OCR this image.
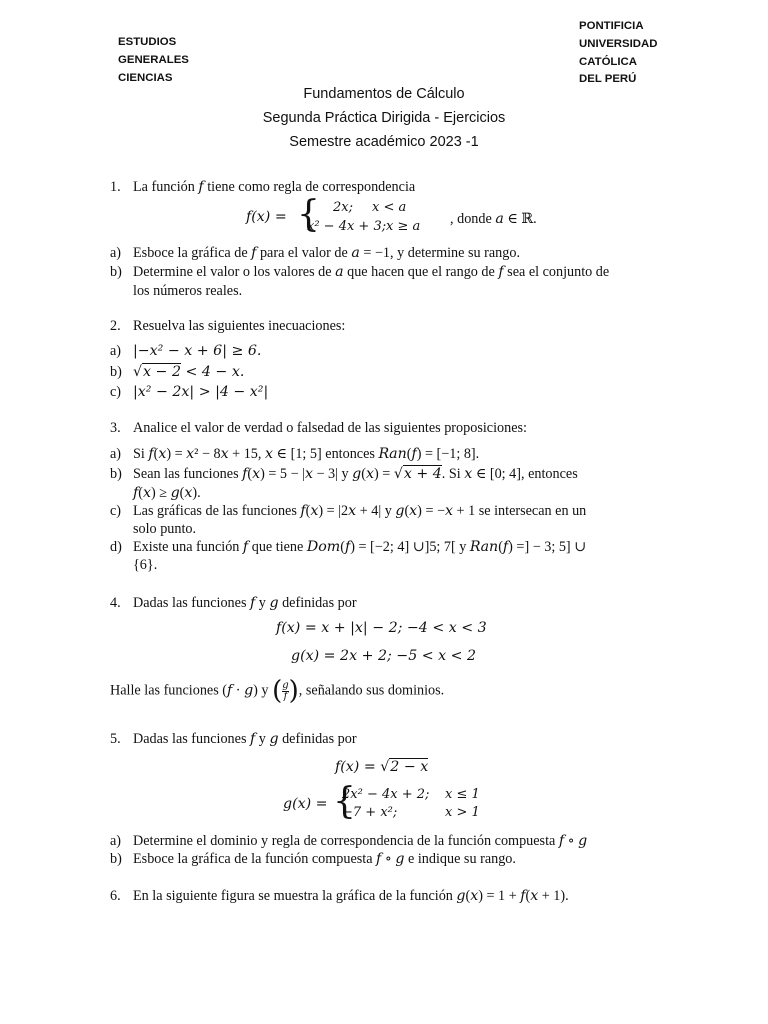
ESTUDIOS
GENERALES
CIENCIAS
PONTIFICIA
UNIVERSIDAD
CATÓLICA
DEL PERÚ
Fundamentos de Cálculo
Segunda Práctica Dirigida - Ejercicios
Semestre académico 2023 -1
1. La función 𝑓 tiene como regla de correspondencia
𝑓(𝑥) = { 2𝑥; 𝑥 < 𝑎
𝑥² − 4𝑥 + 3; 𝑥 ≥ 𝑎 , donde 𝑎 ∈ ℝ.
a) Esboce la gráfica de 𝑓 para el valor de 𝑎 = −1, y determine su rango.
b) Determine el valor o los valores de 𝑎 que hacen que el rango de 𝑓 sea el conjunto de
los números reales.
2. Resuelva las siguientes inecuaciones:
a) |−𝑥² − 𝑥 + 6| ≥ 6.
b) √𝑥 − 2 < 4 − 𝑥.
c) |𝑥² − 2𝑥| > |4 − 𝑥²|
3. Analice el valor de verdad o falsedad de las siguientes proposiciones:
a) Si 𝑓(𝑥) = 𝑥² − 8𝑥 + 15, 𝑥 ∈ [1; 5] entonces 𝑅𝑎𝑛(𝑓) = [−1; 8].
b) Sean las funciones 𝑓(𝑥) = 5 − |𝑥 − 3| y 𝑔(𝑥) = √𝑥 + 4. Si 𝑥 ∈ [0; 4], entonces
𝑓(𝑥) ≥ 𝑔(𝑥).
c) Las gráficas de las funciones 𝑓(𝑥) = |2𝑥 + 4| y 𝑔(𝑥) = −𝑥 + 1 se intersecan en un
solo punto.
d) Existe una función 𝑓 que tiene 𝐷𝑜𝑚(𝑓) = [−2; 4] ∪]5; 7[ y 𝑅𝑎𝑛(𝑓) =] − 3; 5] ∪
{6}.
4. Dadas las funciones 𝑓 y 𝑔 definidas por
𝑓(𝑥) = 𝑥 + |𝑥| − 2; −4 < 𝑥 < 3
𝑔(𝑥) = 2𝑥 + 2; −5 < 𝑥 < 2
Halle las funciones (𝑓 · 𝑔) y ($\frac{\text{𝑔}}{\text{𝑓}}$ ), señalando sus dominios.
5. Dadas las funciones 𝑓 y 𝑔 definidas por
𝑓(𝑥) = √2 − 𝑥
𝑔(𝑥) = {
2𝑥² − 4𝑥 + 2; 𝑥 ≤ 1
−7 + 𝑥²;	𝑥 > 1
a) Determine el dominio y regla de correspondencia de la función compuesta 𝑓 ∘ 𝑔
b) Esboce la gráfica de la función compuesta 𝑓 ∘ 𝑔 e indique su rango.
6. En la siguiente figura se muestra la gráfica de la función 𝑔(𝑥) = 1 + 𝑓(𝑥 + 1).
